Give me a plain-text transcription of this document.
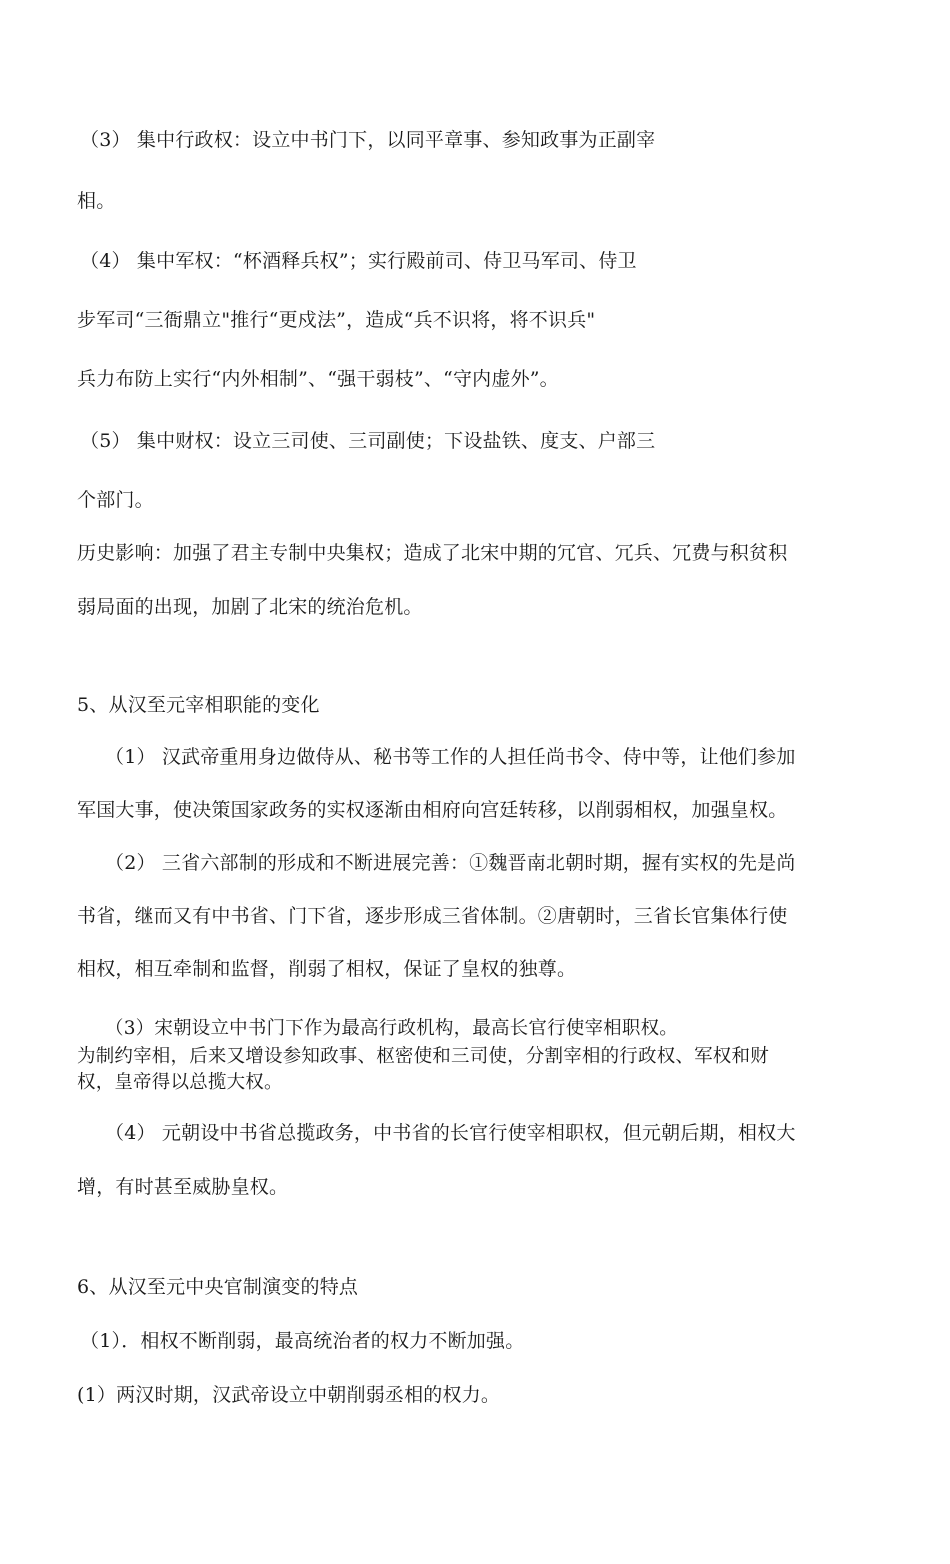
（3） 集中行政权：设立中书门下，以同平章事、参知政事为正副宰
相。
（4） 集中军权：“杯酒释兵权”；实行殿前司、侍卫马军司、侍卫
步军司“三衙鼎立"推行“更戍法”，造成“兵不识将，将不识兵"
兵力布防上实行“内外相制”、“强干弱枝”、“守内虚外”。
（5） 集中财权：设立三司使、三司副使；下设盐铁、度支、户部三
个部门。
历史影响：加强了君主专制中央集权；造成了北宋中期的冗官、冗兵、冗费与积贫积
弱局面的出现，加剧了北宋的统治危机。
5、从汉至元宰相职能的变化
（1） 汉武帝重用身边做侍从、秘书等工作的人担任尚书令、侍中等，让他们参加
军国大事，使决策国家政务的实权逐渐由相府向宫廷转移，以削弱相权，加强皇权。
（2） 三省六部制的形成和不断进展完善：①魏晋南北朝时期，握有实权的先是尚
书省，继而又有中书省、门下省，逐步形成三省体制。②唐朝时，三省长官集体行使
相权，相互牵制和监督，削弱了相权，保证了皇权的独尊。
（3）宋朝设立中书门下作为最高行政机构，最高长官行使宰相职权。
为制约宰相，后来又增设参知政事、枢密使和三司使，分割宰相的行政权、军权和财
权，皇帝得以总揽大权。
（4） 元朝设中书省总揽政务，中书省的长官行使宰相职权，但元朝后期，相权大
增，有时甚至威胁皇权。
6、从汉至元中央官制演变的特点
（1）．相权不断削弱，最高统治者的权力不断加强。
(1）两汉时期，汉武帝设立中朝削弱丞相的权力。
